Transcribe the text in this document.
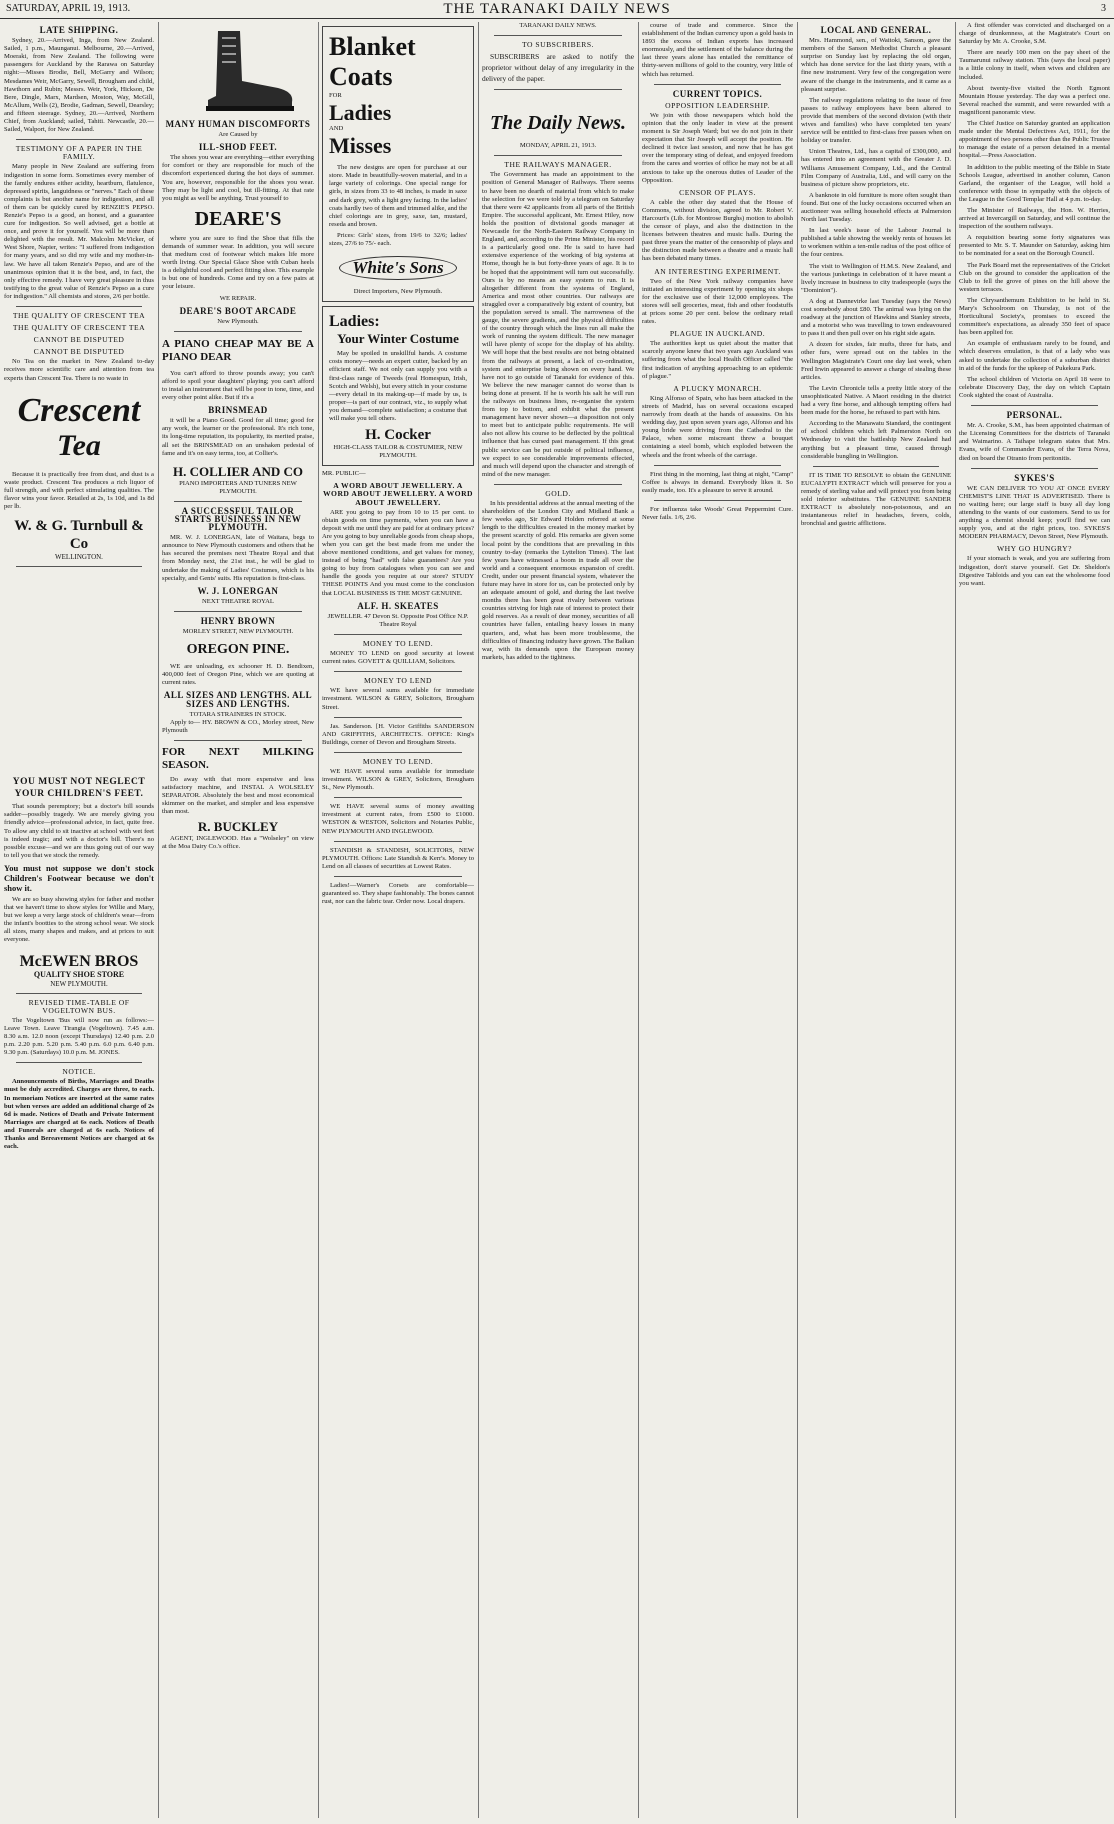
SATURDAY, APRIL 19, 1913.	THE TARANAKI DAILY NEWS	3
LATE SHIPPING.

Sydney, 20.—Arrived, Inga, from New Zealand. Sailed, 1 p.m., Maunganui. Melbourne, 20.—Arrived, Moeraki, from New Zealand. The following were passengers for Auckland by the Rarawa on Saturday night:—Misses Brodie, Bell, McGarry and Wilson; Mesdames Weir, McGarry, Sewell, Brougham and child, Hawthorn and Rubin; Messrs. Weir, York, Hickson, De Bere, Dingle, Marx, Mardsen, Moston, Way, McGill, McAllum, Wells (2), Brodie, Gadman, Sewell, Dearsley; and fifteen steerage. Sydney, 20.—Arrived, Northern Chief, from Auckland; sailed, Tahiti. Newcastle, 20.—Sailed, Walport, for New Zealand.

TESTIMONY OF A PAPER IN THE FAMILY.

Many people in New Zealand are suffering from indigestion in some form. Sometimes every member of the family endures either acidity, heartburn, flatulence, depressed spirits, languidness or "nerves." Each of these complaints is but another name for indigestion, and all of them can be quickly cured by RENZIE'S PEPSO. Renzie's Pepso is a good, an honest, and a guarantee cure for indigestion. So well advised, get a bottle at once, and prove it for yourself. You will be more than delighted with the result. Mr. Malcolm McVicker, of West Shore, Napier, writes: "I suffered from indigestion for many years, and so did my wife and my mother-in-law. We have all taken Renzie's Pepso, and are of the unanimous opinion that it is the best, and, in fact, the only effective remedy. I have very great pleasure in thus testifying to the great value of Renzie's Pepso as a cure for indigestion." All chemists and stores, 2/6 per bottle.

THE QUALITY OF CRESCENT TEA
THE QUALITY OF CRESCENT TEA
CANNOT BE DISPUTED
CANNOT BE DISPUTED

No Tea on the market in New Zealand to-day receives more scientific care and attention from tea experts than Crescent Tea. There is no waste in

Crescent
Tea

Because it is practically free from dust, and dust is a waste product. Crescent Tea produces a rich liquor of full strength, and with perfect stimulating qualities. The flavor wins your favor. Retailed at 2s, 1s 10d, and 1s 8d per lb.

W. & G. Turnbull & Co
WELLINGTON.
YOU MUST NOT NEGLECT YOUR CHILDREN'S FEET.

That sounds peremptory; but a doctor's bill sounds sadder—possibly tragedy. We are merely giving you friendly advice—professional advice, in fact, quite free. To allow any child to sit inactive at school with wet feet is indeed tragic; and with a doctor's bill. There's no possible excuse—and we are thus going out of our way to tell you that we stock the remedy.

You must not suppose we don't stock Children's Footwear because we don't show it.

We are so busy showing styles for father and mother that we haven't time to show styles for Willie and Mary, but we keep a very large stock of children's wear—from the infant's bootties to the strong school wear. We stock all sizes, many shapes and makes, and at prices to suit everyone.

McEWEN BROS
QUALITY SHOE STORE
NEW PLYMOUTH.
REVISED TIME-TABLE OF VOGELTOWN BUS.

The Vogeltown 'Bus will now run as follows:— Leave Town. Leave Tirangia (Vogeltown). 7.45 a.m. 8.30 a.m. 12.0 noon (except Thursdays) 12.40 p.m. 2.0 p.m. 2.20 p.m. 5.20 p.m. 5.40 p.m. 6.0 p.m. 6.40 p.m. 9.30 p.m. (Saturdays) 10.0 p.m. M. JONES.

NOTICE.

Announcements of Births, Marriages and Deaths must be duly accredited. Charges are three, to each. In memoriam Notices are inserted at the same rates but when verses are added an additional charge of 2s 6d is made. Notices of Death and Private Interment Marriages are charged at 6s each. Notices of Death and Funerals are charged at 6s each. Notices of Thanks and Bereavement Notices are charged at 6s each.

MANY HUMAN DISCOMFORTS
Are Caused by
ILL-SHOD FEET.

The shoes you wear are everything—either everything for comfort or they are responsible for much of the discomfort experienced during the hot days of summer. You are, however, responsible for the shoes you wear. They may be light and cool, but ill-fitting. At that rate you might as well be anything. Trust yourself to

DEARE'S

where you are sure to find the Shoe that fills the demands of summer wear. In addition, you will secure that medium cost of footwear which makes life more worth living. Our Special Glace Shoe with Cuban heels is a delightful cool and perfect fitting shoe. This example is but one of hundreds. Come and try on a few pairs at your leisure.

WE REPAIR.
DEARE'S BOOT ARCADE
New Plymouth.
A PIANO CHEAP MAY BE A PIANO DEAR

You can't afford to throw pounds away; you can't afford to spoil your daughters' playing; you can't afford to instal an instrument that will be poor in tone, time, and every other point alike. But if it's a

BRINSMEAD

it will be a Piano Good. Good for all time; good for any work, the learner or the professional. It's rich tone, its long-time reputation, its popularity, its merited praise, all set the BRINSMEAD on an unshaken pedestal of fame and it's on easy terms, too, at Collier's.

H. COLLIER AND CO
PIANO IMPORTERS AND TUNERS NEW PLYMOUTH.
A SUCCESSFUL TAILOR STARTS BUSINESS IN NEW PLYMOUTH.

MR. W. J. LONERGAN, late of Waitara, begs to announce to New Plymouth customers and others that he has secured the premises next Theatre Royal and that from Monday next, the 21st inst., he will be glad to undertake the making of Ladies' Costumes, which is his specialty, and Gents' suits. His reputation is first-class.

W. J. LONERGAN
NEXT THEATRE ROYAL
HENRY BROWN
MORLEY STREET, NEW PLYMOUTH.
OREGON PINE.

WE are unloading, ex schooner H. D. Bendixen, 400,000 feet of Oregon Pine, which we are quoting at current rates.

ALL SIZES AND LENGTHS. ALL SIZES AND LENGTHS.
TOTARA STRAINERS IN STOCK.

Apply to— HY. BROWN & CO., Morley street, New Plymouth

FOR NEXT MILKING SEASON.

Do away with that more expensive and less satisfactory machine, and INSTAL A WOLSELEY SEPARATOR. Absolutely the best and most economical skimmer on the market, and simpler and less expensive than most.

R. BUCKLEY

AGENT, INGLEWOOD. Has a "Wolseley" on view at the Moa Dairy Co.'s office.

Blanket Coats
FOR
Ladies
AND
Misses

The new designs are open for purchase at our store. Made in beautifully-woven material, and in a large variety of colorings. One special range for girls, in sizes from 33 to 48 inches, is made in saxe and dark grey, with a light grey facing. In the ladies' coats hardly two of them and trimmed alike, and the chief colorings are in grey, saxe, tan, mustard, reseda and brown.

Prices: Girls' sizes, from 19/6 to 32/6; ladies' sizes, 27/6 to 75/- each.

White's Sons
Direct Importers, New Plymouth.
Ladies:
Your Winter Costume

May be spoiled in unskillful hands. A costume costs money—needs an expert cutter, backed by an efficient staff. We not only can supply you with a first-class range of Tweeds (real Homespun, Irish, Scotch and Welsh), but every stitch in your costume—every detail in its making-up—if made by us, is proper—is part of our contract, viz., to supply what you demand—complete satisfaction; a costume that will make you tell others.

H. Cocker
HIGH-CLASS TAILOR & COSTUMIER, NEW PLYMOUTH.
MR. PUBLIC—
A WORD ABOUT JEWELLERY. A WORD ABOUT JEWELLERY. A WORD ABOUT JEWELLERY.

ARE you going to pay from 10 to 15 per cent. to obtain goods on time payments, when you can have a deposit with me until they are paid for at ordinary prices? Are you going to buy unreliable goods from cheap shops, when you can get the best made from me under the above mentioned conditions, and get values for money, instead of being "had" with false guarantees? Are you going to buy from catalogues when you can see and handle the goods you require at our store? STUDY THESE POINTS And you must come to the conclusion that LOCAL BUSINESS IS THE MOST GENUINE.

ALF. H. SKEATES
JEWELLER. 47 Devon St. Opposite Post Office N.P. Theatre Royal
MONEY TO LEND.

MONEY TO LEND on good security at lowest current rates. GOVETT & QUILLIAM, Solicitors.

MONEY TO LEND

WE have several sums available for immediate investment. WILSON & GREY, Solicitors, Brougham Street.

Jas. Sanderson. [H. Victor Griffiths SANDERSON AND GRIFFITHS, ARCHITECTS. OFFICE: King's Buildings, corner of Devon and Brougham Streets.

MONEY TO LEND.

WE HAVE several sums available for immediate investment. WILSON & GREY, Solicitors, Brougham St., New Plymouth.

WE HAVE several sums of money awaiting investment at current rates, from £500 to £1000. WESTON & WESTON, Solicitors and Notaries Public, NEW PLYMOUTH AND INGLEWOOD.

STANDISH & STANDISH, SOLICITORS, NEW PLYMOUTH. Offices: Late Standish & Kerr's. Money to Lend on all classes of securities at Lowest Rates.

Ladies!—Warner's Corsets are comfortable—guaranteed so. They shape fashionably. The bones cannot rust, nor can the fabric tear. Order now. Local drapers.

TARANAKI DAILY NEWS.
TO SUBSCRIBERS.

SUBSCRIBERS are asked to notify the proprietor without delay of any irregularity in the delivery of the paper.

The Daily News.
MONDAY, APRIL 21, 1913.
THE RAILWAYS MANAGER.

The Government has made an appointment to the position of General Manager of Railways. There seems to have been no dearth of material from which to make the selection for we were told by a telegram on Saturday that there were 42 applicants from all parts of the British Empire. The successful applicant, Mr. Ernest Hiley, now holds the position of divisional goods manager at Newcastle for the North-Eastern Railway Company in England, and, according to the Prime Minister, his record is a particularly good one. He is said to have had extensive experience of the working of big systems at Home, though he is but forty-three years of age. It is to be hoped that the appointment will turn out successfully. Ours is by no means an easy system to run. It is altogether different from the systems of England, America and most other countries. Our railways are straggled over a comparatively big extent of country, but the population served is small. The narrowness of the gauge, the severe gradients, and the physical difficulties of the country through which the lines run all make the work of running the system difficult. The new manager will have plenty of scope for the display of his ability. We will hope that the best results are not being obtained from the railways at present, a lack of co-ordination, system and enterprise being shown on every hand. We have not to go outside of Taranaki for evidence of this. We believe the new manager cannot do worse than is being done at present. If he is worth his salt he will run the railways on business lines, re-organise the system from top to bottom, and exhibit what the present management have never shown—a disposition not only to meet but to anticipate public requirements. He will also not allow his course to be deflected by the political influence that has cursed past management. If this great public service can be put outside of political influence, we expect to see considerable improvements effected, and much will depend upon the character and strength of mind of the new manager.

GOLD.

In his presidential address at the annual meeting of the shareholders of the London City and Midland Bank a few weeks ago, Sir Edward Holden referred at some length to the difficulties created in the money market by the present scarcity of gold. His remarks are given some local point by the conditions that are prevailing in this country to-day (remarks the Lyttelton Times). The last few years have witnessed a boom in trade all over the world and a consequent enormous expansion of credit. Credit, under our present financial system, whatever the future may have in store for us, can be protected only by an adequate amount of gold, and during the last twelve months there has been great rivalry between various countries striving for high rate of interest to protect their gold reserves. As a result of dear money, securities of all countries have fallen, entailing heavy losses in many quarters, and, what has been more troublesome, the difficulties of financing industry have grown. The Balkan war, with its demands upon the European money markets, has added to the tightness.

course of trade and commerce. Since the establishment of the Indian currency upon a gold basis in 1893 the excess of Indian exports has increased enormously, and the settlement of the balance during the last three years alone has entailed the remittance of thirty-seven millions of gold to the country, very little of which has returned.

CURRENT TOPICS.
OPPOSITION LEADERSHIP.

We join with those newspapers which hold the opinion that the only leader in view at the present moment is Sir Joseph Ward; but we do not join in their expectation that Sir Joseph will accept the position. He declined it twice last session, and now that he has got over the temporary sting of defeat, and enjoyed freedom from the cares and worries of office he may not be at all anxious to take up the onerous duties of Leader of the Opposition.

CENSOR OF PLAYS.

A cable the other day stated that the House of Commons, without division, agreed to Mr. Robert V. Harcourt's (Lib. for Montrose Burghs) motion to abolish the censor of plays, and also the distinction in the licenses between theatres and music halls. During the past three years the matter of the censorship of plays and the distinction made between a theatre and a music hall has been debated many times.

AN INTERESTING EXPERIMENT.

Two of the New York railway companies have initiated an interesting experiment by opening six shops for the exclusive use of their 12,000 employees. The stores will sell groceries, meat, fish and other foodstuffs at prices some 20 per cent. below the ordinary retail rates.

PLAGUE IN AUCKLAND.

The authorities kept us quiet about the matter that scarcely anyone knew that two years ago Auckland was suffering from what the local Health Officer called "the first indication of anything approaching to an epidemic of plague."

A PLUCKY MONARCH.

King Alfonso of Spain, who has been attacked in the streets of Madrid, has on several occasions escaped narrowly from death at the hands of assassins. On his wedding day, just upon seven years ago, Alfonso and his young bride were driving from the Cathedral to the Palace, when some miscreant threw a bouquet containing a steel bomb, which exploded between the wheels and the front wheels of the carriage.

First thing in the morning, last thing at night, "Camp" Coffee is always in demand. Everybody likes it. So easily made, too. It's a pleasure to serve it around.

For influenza take Woods' Great Peppermint Cure. Never fails. 1/6, 2/6.

LOCAL AND GENERAL.

Mrs. Hammond, sen., of Waitoki, Sanson, gave the members of the Sanson Methodist Church a pleasant surprise on Sunday last by replacing the old organ, which has done service for the last thirty years, with a fine new instrument. Very few of the congregation were aware of the change in the instruments, and it came as a pleasant surprise.

The railway regulations relating to the issue of free passes to railway employees have been altered to provide that members of the second division (with their wives and families) who have completed ten years' service will be entitled to first-class free passes when on holiday or transfer.

Union Theatres, Ltd., has a capital of £300,000, and has entered into an agreement with the Greater J. D. Williams Amusement Company, Ltd., and the Central Film Company of Australia, Ltd., and will carry on the business of picture show proprietors, etc.

A banknote in old furniture is more often sought than found. But one of the lucky occasions occurred when an auctioneer was selling household effects at Palmerston North last Tuesday.

In last week's issue of the Labour Journal is published a table showing the weekly rents of houses let to workmen within a ten-mile radius of the post office of the four centres.

The visit to Wellington of H.M.S. New Zealand, and the various junketings in celebration of it have meant a lively increase in business to city tradespeople (says the "Dominion").

A dog at Dannevirke last Tuesday (says the News) cost somebody about £80. The animal was lying on the roadway at the junction of Hawkins and Stanley streets, and a motorist who was travelling to town endeavoured to pass it and then pull over on his right side again.

A dozen for sixdes, fair mufts, three fur hats, and other furs, were spread out on the tables in the Wellington Magistrate's Court one day last week, when Fred Irwin appeared to answer a charge of stealing these articles.

The Levin Chronicle tells a pretty little story of the unsophisticated Native. A Maori residing in the district had a very fine horse, and although tempting offers had been made for the horse, he refused to part with him.

According to the Manawatu Standard, the contingent of school children which left Palmerston North on Wednesday to visit the battleship New Zealand had anything but a pleasant time, caused through considerable bungling in Wellington.

IT IS TIME TO RESOLVE to obtain the GENUINE EUCALYPTI EXTRACT which will preserve for you a remedy of sterling value and will protect you from being sold inferior substitutes. The GENUINE SANDER EXTRACT is absolutely non-poisonous, and an instantaneous relief in headaches, fevers, colds, bronchial and gastric afflictions.

A first offender was convicted and discharged on a charge of drunkenness, at the Magistrate's Court on Saturday by Mr. A. Crooke, S.M.

There are nearly 100 men on the pay sheet of the Taumarunui railway station. This (says the local paper) is a little colony in itself, when wives and children are included.

About twenty-five visited the North Egmont Mountain House yesterday. The day was a perfect one. Several reached the summit, and were rewarded with a magnificent panoramic view.

The Chief Justice on Saturday granted an application made under the Mental Defectives Act, 1911, for the appointment of two persons other than the Public Trustee to manage the estate of a person detained in a mental hospital.—Press Association.

In addition to the public meeting of the Bible in State Schools League, advertised in another column, Canon Garland, the organiser of the League, will hold a conference with those in sympathy with the objects of the League in the Good Templar Hall at 4 p.m. to-day.

The Minister of Railways, the Hon. W. Herries, arrived at Invercargill on Saturday, and will continue the inspection of the southern railways.

A requisition bearing some forty signatures was presented to Mr. S. T. Maunder on Saturday, asking him to be nominated for a seat on the Borough Council.

The Park Board met the representatives of the Cricket Club on the ground to consider the application of the Club to fell the grove of pines on the hill above the western terraces.

The Chrysanthemum Exhibition to be held in St. Mary's Schoolroom on Thursday, is not of the Horticultural Society's, promises to exceed the committee's expectations, as already 350 feet of space has been applied for.

An example of enthusiasm rarely to be found, and which deserves emulation, is that of a lady who was asked to undertake the collection of a suburban district in aid of the funds for the upkeep of Pukekura Park.

The school children of Victoria on April 18 were to celebrate Discovery Day, the day on which Captain Cook sighted the coast of Australia.

PERSONAL.

Mr. A. Crooke, S.M., has been appointed chairman of the Licensing Committees for the districts of Taranaki and Waimarino. A Taihape telegram states that Mrs. Evans, wife of Commander Evans, of the Terra Nova, died on board the Otranto from peritonitis.

SYKES'S

WE CAN DELIVER TO YOU AT ONCE EVERY CHEMIST'S LINE THAT IS ADVERTISED. There is no waiting here; our large staff is busy all day long attending to the wants of our customers. Send to us for anything a chemist should keep; you'll find we can supply you, and at the right prices, too. SYKES'S MODERN PHARMACY, Devon Street, New Plymouth.

WHY GO HUNGRY?

If your stomach is weak, and you are suffering from indigestion, don't starve yourself. Get Dr. Sheldon's Digestive Tabloids and you can eat the wholesome food you want.
